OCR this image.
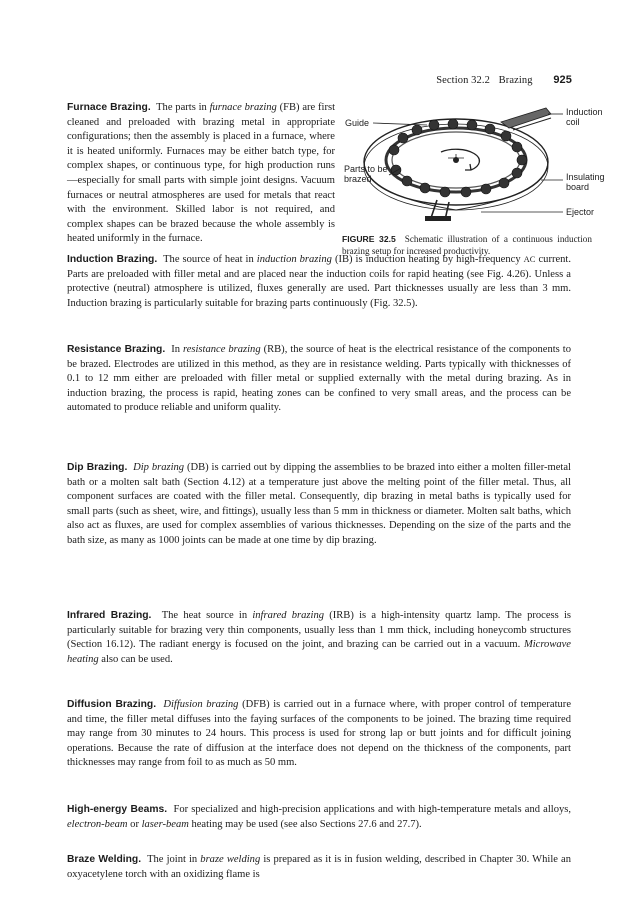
Section 32.2 Brazing 925

Furnace Brazing. The parts in furnace brazing (FB) are first cleaned and preloaded with brazing metal in appropriate configurations; then the assembly is placed in a furnace, where it is heated uniformly. Furnaces may be either batch type, for complex shapes, or continuous type, for high production runs—especially for small parts with simple joint designs. Vacuum furnaces or neutral atmospheres are used for metals that react with the environment. Skilled labor is not required, and complex shapes can be brazed because the whole assembly is heated uniformly in the furnace.

Guide
Parts to be
brazed
Induction
coil
Insulating
board
Ejector
FIGURE 32.5 Schematic illustration of a continuous induction brazing setup for increased productivity.

Induction Brazing. The source of heat in induction brazing (IB) is induction heating by high-frequency AC current. Parts are preloaded with filler metal and are placed near the induction coils for rapid heating (see Fig. 4.26). Unless a protective (neutral) atmosphere is utilized, fluxes generally are used. Part thicknesses usually are less than 3 mm. Induction brazing is particularly suitable for brazing parts continuously (Fig. 32.5).

Resistance Brazing. In resistance brazing (RB), the source of heat is the electrical resistance of the components to be brazed. Electrodes are utilized in this method, as they are in resistance welding. Parts typically with thicknesses of 0.1 to 12 mm either are preloaded with filler metal or supplied externally with the metal during brazing. As in induction brazing, the process is rapid, heating zones can be confined to very small areas, and the process can be automated to produce reliable and uniform quality.

Dip Brazing. Dip brazing (DB) is carried out by dipping the assemblies to be brazed into either a molten filler-metal bath or a molten salt bath (Section 4.12) at a temperature just above the melting point of the filler metal. Thus, all component surfaces are coated with the filler metal. Consequently, dip brazing in metal baths is typically used for small parts (such as sheet, wire, and fittings), usually less than 5 mm in thickness or diameter. Molten salt baths, which also act as fluxes, are used for complex assemblies of various thicknesses. Depending on the size of the parts and the bath size, as many as 1000 joints can be made at one time by dip brazing.

Infrared Brazing. The heat source in infrared brazing (IRB) is a high-intensity quartz lamp. The process is particularly suitable for brazing very thin components, usually less than 1 mm thick, including honeycomb structures (Section 16.12). The radiant energy is focused on the joint, and brazing can be carried out in a vacuum. Microwave heating also can be used.

Diffusion Brazing. Diffusion brazing (DFB) is carried out in a furnace where, with proper control of temperature and time, the filler metal diffuses into the faying surfaces of the components to be joined. The brazing time required may range from 30 minutes to 24 hours. This process is used for strong lap or butt joints and for difficult joining operations. Because the rate of diffusion at the interface does not depend on the thickness of the components, part thicknesses may range from foil to as much as 50 mm.

High-energy Beams. For specialized and high-precision applications and with high-temperature metals and alloys, electron-beam or laser-beam heating may be used (see also Sections 27.6 and 27.7).

Braze Welding. The joint in braze welding is prepared as it is in fusion welding, described in Chapter 30. While an oxyacetylene torch with an oxidizing flame is
